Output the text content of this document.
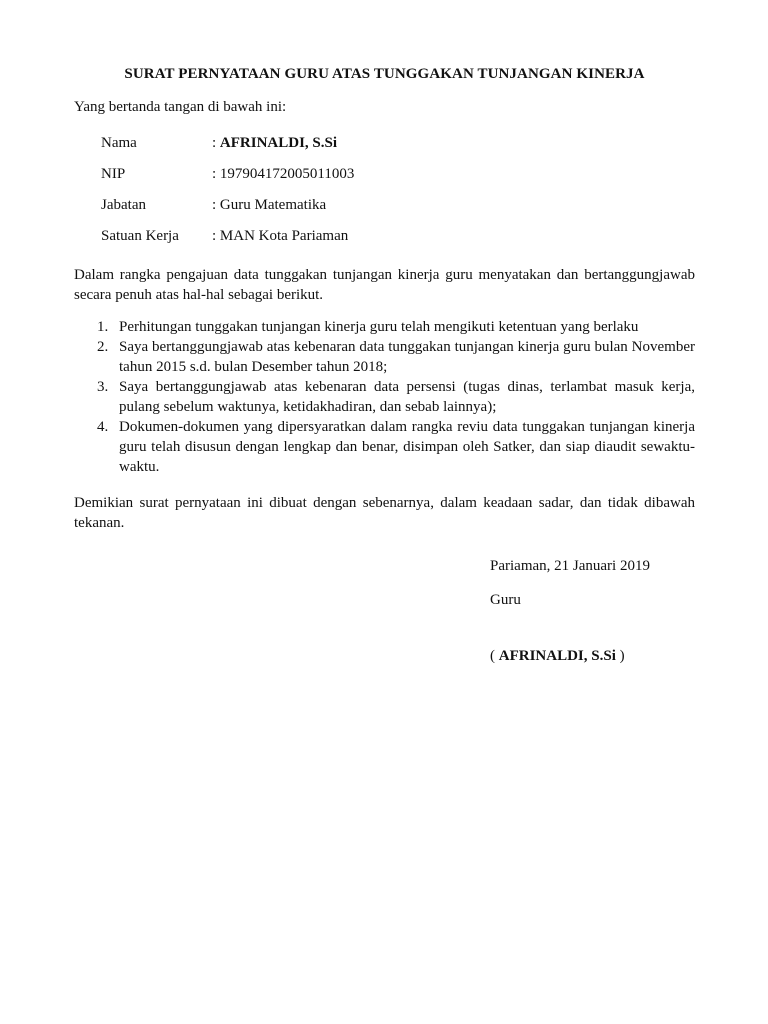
SURAT PERNYATAAN GURU ATAS TUNGGAKAN TUNJANGAN KINERJA

Yang bertanda tangan di bawah ini:

Nama	: AFRINALDI, S.Si
NIP	: 197904172005011003
Jabatan	: Guru Matematika
Satuan Kerja	: MAN Kota Pariaman

Dalam rangka pengajuan data tunggakan tunjangan kinerja guru menyatakan dan bertanggungjawab secara penuh atas hal-hal sebagai berikut.

1. Perhitungan tunggakan tunjangan kinerja guru telah mengikuti ketentuan yang berlaku
2. Saya bertanggungjawab atas kebenaran data tunggakan tunjangan kinerja guru bulan November tahun 2015 s.d. bulan Desember tahun 2018;
3. Saya bertanggungjawab atas kebenaran data persensi (tugas dinas, terlambat masuk kerja, pulang sebelum waktunya, ketidakhadiran, dan sebab lainnya);
4. Dokumen-dokumen yang dipersyaratkan dalam rangka reviu data tunggakan tunjangan kinerja guru telah disusun dengan lengkap dan benar, disimpan oleh Satker, dan siap diaudit sewaktu-waktu.

Demikian surat pernyataan ini dibuat dengan sebenarnya, dalam keadaan sadar, dan tidak dibawah tekanan.

Pariaman, 21 Januari 2019
Guru
( AFRINALDI, S.Si )
